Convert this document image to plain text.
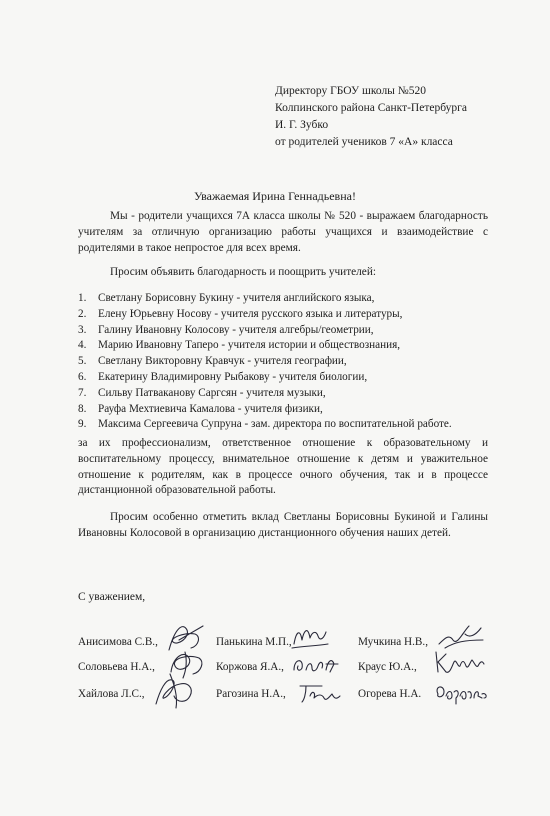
Директору ГБОУ школы №520
Колпинского района Санкт-Петербурга
И. Г. Зубко
от родителей учеников 7 «А» класса
Уважаемая Ирина Геннадьевна!
Мы - родители учащихся 7А класса школы № 520 - выражаем благодарность учителям за отличную организацию работы учащихся и взаимодействие с родителями в такое непростое для всех время.
Просим объявить благодарность и поощрить учителей:
1. Светлану Борисовну Букину - учителя английского языка,
2. Елену Юрьевну Носову - учителя русского языка и литературы,
3. Галину Ивановну Колосову - учителя алгебры/геометрии,
4. Марию Ивановну Таперо - учителя истории и обществознания,
5. Светлану Викторовну Кравчук - учителя географии,
6. Екатерину Владимировну Рыбакову - учителя биологии,
7. Сильву Патваканову Саргсян - учителя музыки,
8. Рауфа Мехтиевича Камалова - учителя физики,
9. Максима Сергеевича Супруна - зам. директора по воспитательной работе.
за их профессионализм, ответственное отношение к образовательному и воспитательному процессу, внимательное отношение к детям и уважительное отношение к родителям, как в процессе очного обучения, так и в процессе дистанционной образовательной работы.
Просим особенно отметить вклад Светланы Борисовны Букиной и Галины Ивановны Колосовой в организацию дистанционного обучения наших детей.
С уважением,
Анисимова С.В.,	Панькина М.П.,	Мучкина Н.В.,
Соловьева Н.А.,	Коржова Я.А.,	Краус Ю.А.,
Хайлова Л.С.,	Рагозина Н.А.,	Огорева Н.А.
